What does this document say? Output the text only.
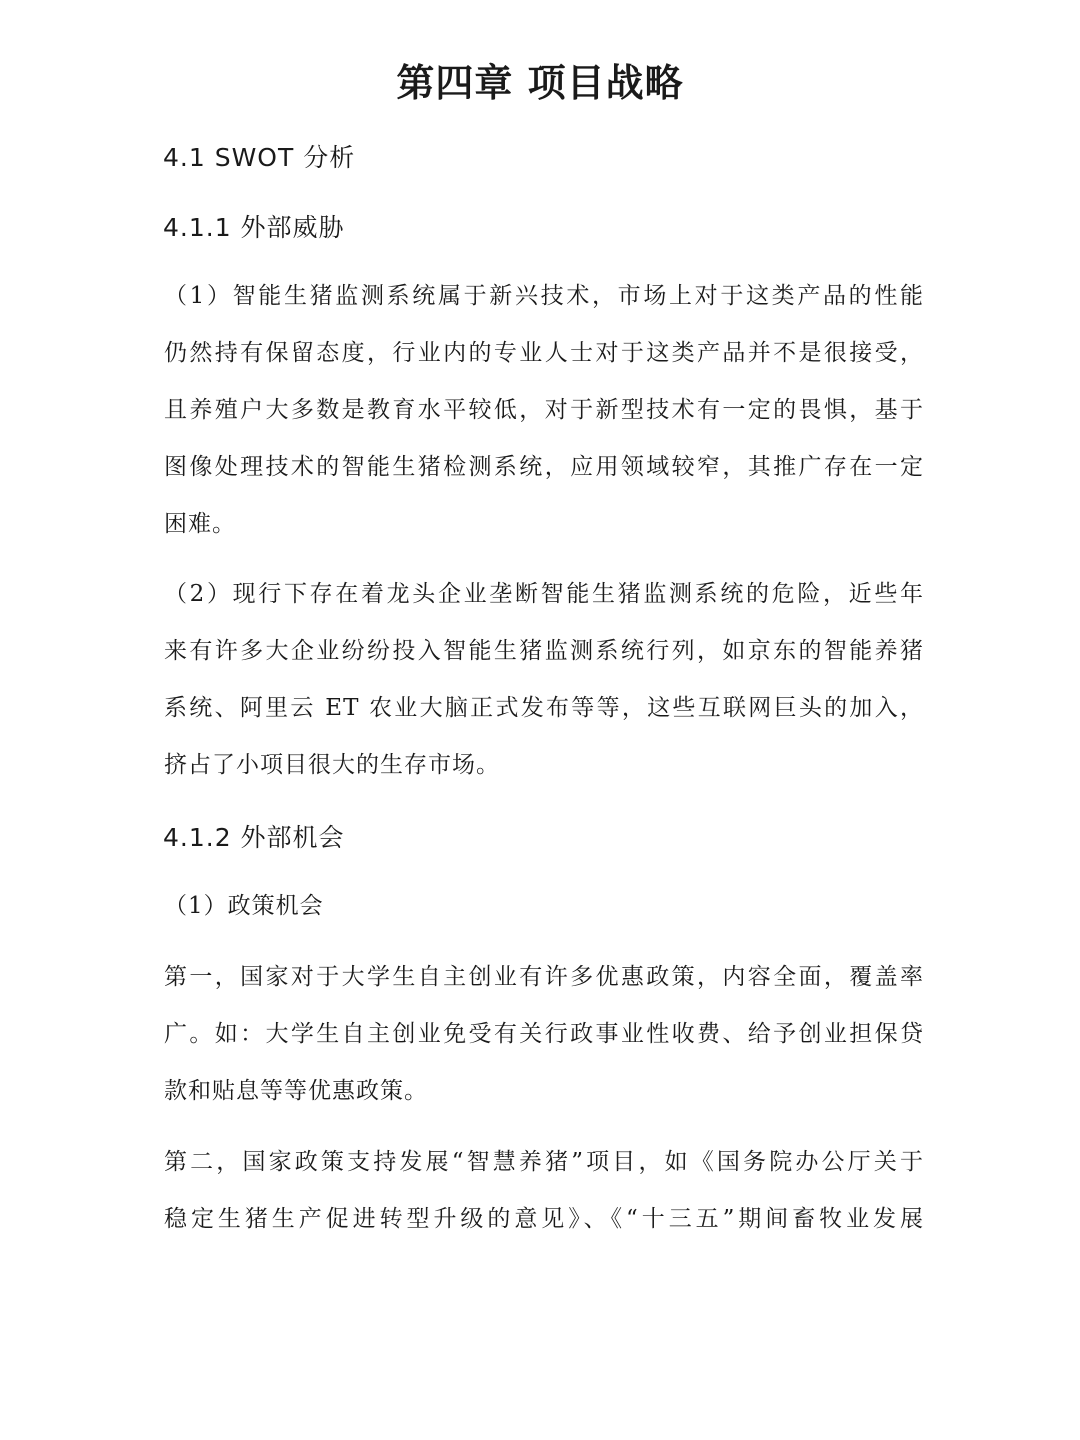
第四章 项目战略
4.1 SWOT 分析
4.1.1 外部威胁
（1）智能生猪监测系统属于新兴技术，市场上对于这类产品的性能
仍然持有保留态度，行业内的专业人士对于这类产品并不是很接受，
且养殖户大多数是教育水平较低，对于新型技术有一定的畏惧，基于
图像处理技术的智能生猪检测系统，应用领域较窄，其推广存在一定
困难。
（2）现行下存在着龙头企业垄断智能生猪监测系统的危险，近些年
来有许多大企业纷纷投入智能生猪监测系统行列，如京东的智能养猪
系统、阿里云 ET 农业大脑正式发布等等，这些互联网巨头的加入，
挤占了小项目很大的生存市场。
4.1.2 外部机会
（1）政策机会
第一，国家对于大学生自主创业有许多优惠政策，内容全面，覆盖率
广。如：大学生自主创业免受有关行政事业性收费、给予创业担保贷
款和贴息等等优惠政策。
第二，国家政策支持发展“智慧养猪”项目，如《国务院办公厅关于
稳定生猪生产促进转型升级的意见》、《“十三五”期间畜牧业发展
